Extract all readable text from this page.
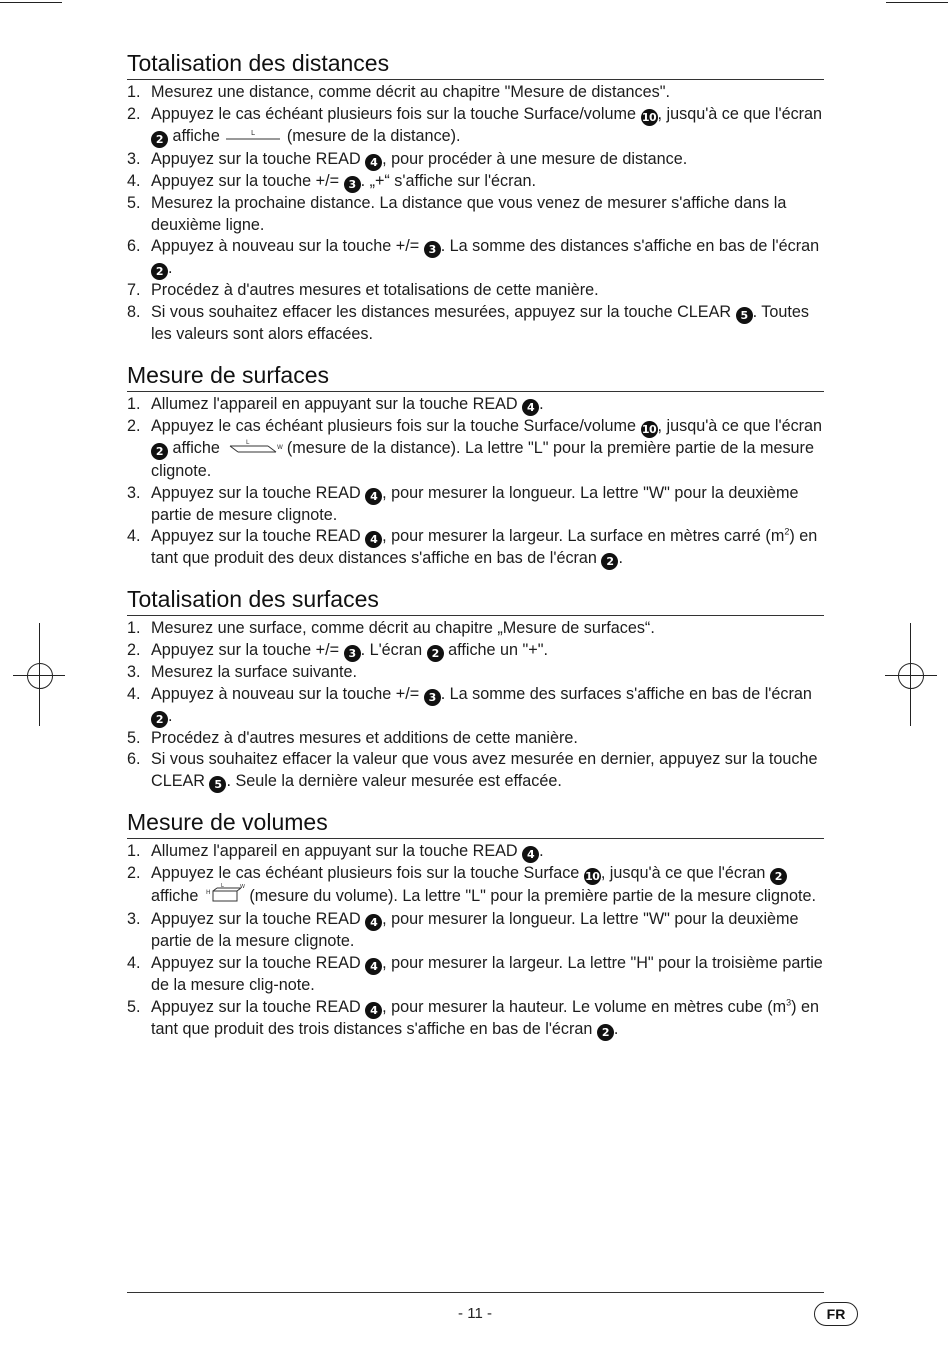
Totalisation des distances
1. Mesurez une distance, comme décrit au chapitre "Mesure de distances".
2. Appuyez le cas échéant plusieurs fois sur la touche Surface/volume 10, jusqu'à ce que l'écran 2 affiche	L (mesure de la distance).
3. Appuyez sur la touche READ 4 , pour procéder à une mesure de distance.
4. Appuyez sur la touche +/= 3 . „+“ s'affiche sur l'écran.
5. Mesurez la prochaine distance. La distance que vous venez de mesurer s'affiche dans la deuxième ligne.
6. Appuyez à nouveau sur la touche +/= 3 . La somme des distances s'affiche en bas de l'écran 2 .
7. Procédez à d'autres mesures et totalisations de cette manière.
8. Si vous souhaitez effacer les distances mesurées, appuyez sur la touche CLEAR 5 . Toutes les valeurs sont alors effacées.
Mesure de surfaces
1. Allumez l'appareil en appuyant sur la touche READ 4 .
2. Appuyez le cas échéant plusieurs fois sur la touche Surface/volume 10, jusqu'à ce que l'écran 2 affiche	L
W (mesure de la distance). La lettre "L" pour la première partie de la mesure clignote.
3. Appuyez sur la touche READ 4 , pour mesurer la longueur. La lettre "W" pour la deuxième partie de mesure clignote.
4. Appuyez sur la touche READ 4 , pour mesurer la largeur. La surface en mètres carré $(m^2)$ en tant que produit des deux distances s'affiche en bas de l'écran 2 .
Totalisation des surfaces
1. Mesurez une surface, comme décrit au chapitre „Mesure de surfaces“.
2. Appuyez sur la touche +/= 3 . L'écran 2 affiche un "+".
3. Mesurez la surface suivante.
4. Appuyez à nouveau sur la touche +/= 3 . La somme des surfaces s'affiche en bas de l'écran 2 .
5. Procédez à d'autres mesures et additions de cette manière.
6. Si vous souhaitez effacer la valeur que vous avez mesurée en dernier, appuyez sur la touche CLEAR 5 . Seule la dernière valeur mesurée est effacée.
Mesure de volumes
1. Allumez l'appareil en appuyant sur la touche READ 4 .
2. Appuyez le cas échéant plusieurs fois sur la touche Surface 10, jusqu'à ce que l'écran 2 affiche H
L	W (mesure du volume). La lettre "L" pour la première partie de la mesure clignote.
3. Appuyez sur la touche READ 4 , pour mesurer la longueur. La lettre "W" pour la deuxième partie de la mesure clignote.
4. Appuyez sur la touche READ 4 , pour mesurer la largeur. La lettre "H" pour la troisième partie de la mesure clig-note.
5. Appuyez sur la touche READ 4 , pour mesurer la hauteur. Le volume en mètres cube $(m^3)$ en tant que produit des trois distances s'affiche en bas de l'écran 2 .
- 11 -	FR
